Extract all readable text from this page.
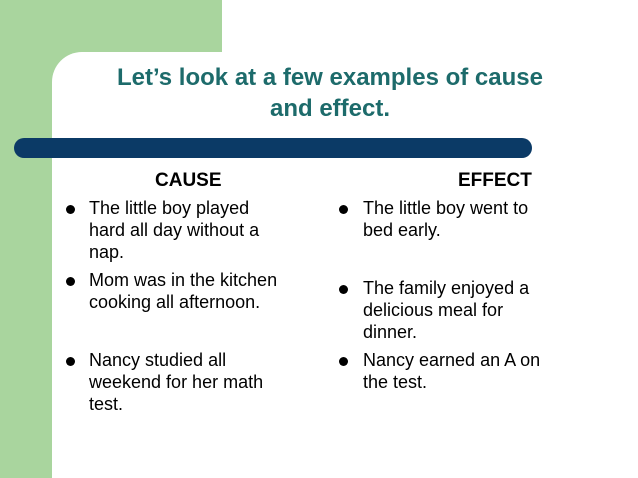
Let’s look at a few examples of cause
and effect.
CAUSE	EFFECT
The little boy played
hard all day without a
nap.
Mom was in the kitchen
cooking all afternoon.
Nancy studied all
weekend for her math
test.
The little boy went to
bed early.
The family enjoyed a
delicious meal for
dinner.
Nancy earned an A on
the test.
